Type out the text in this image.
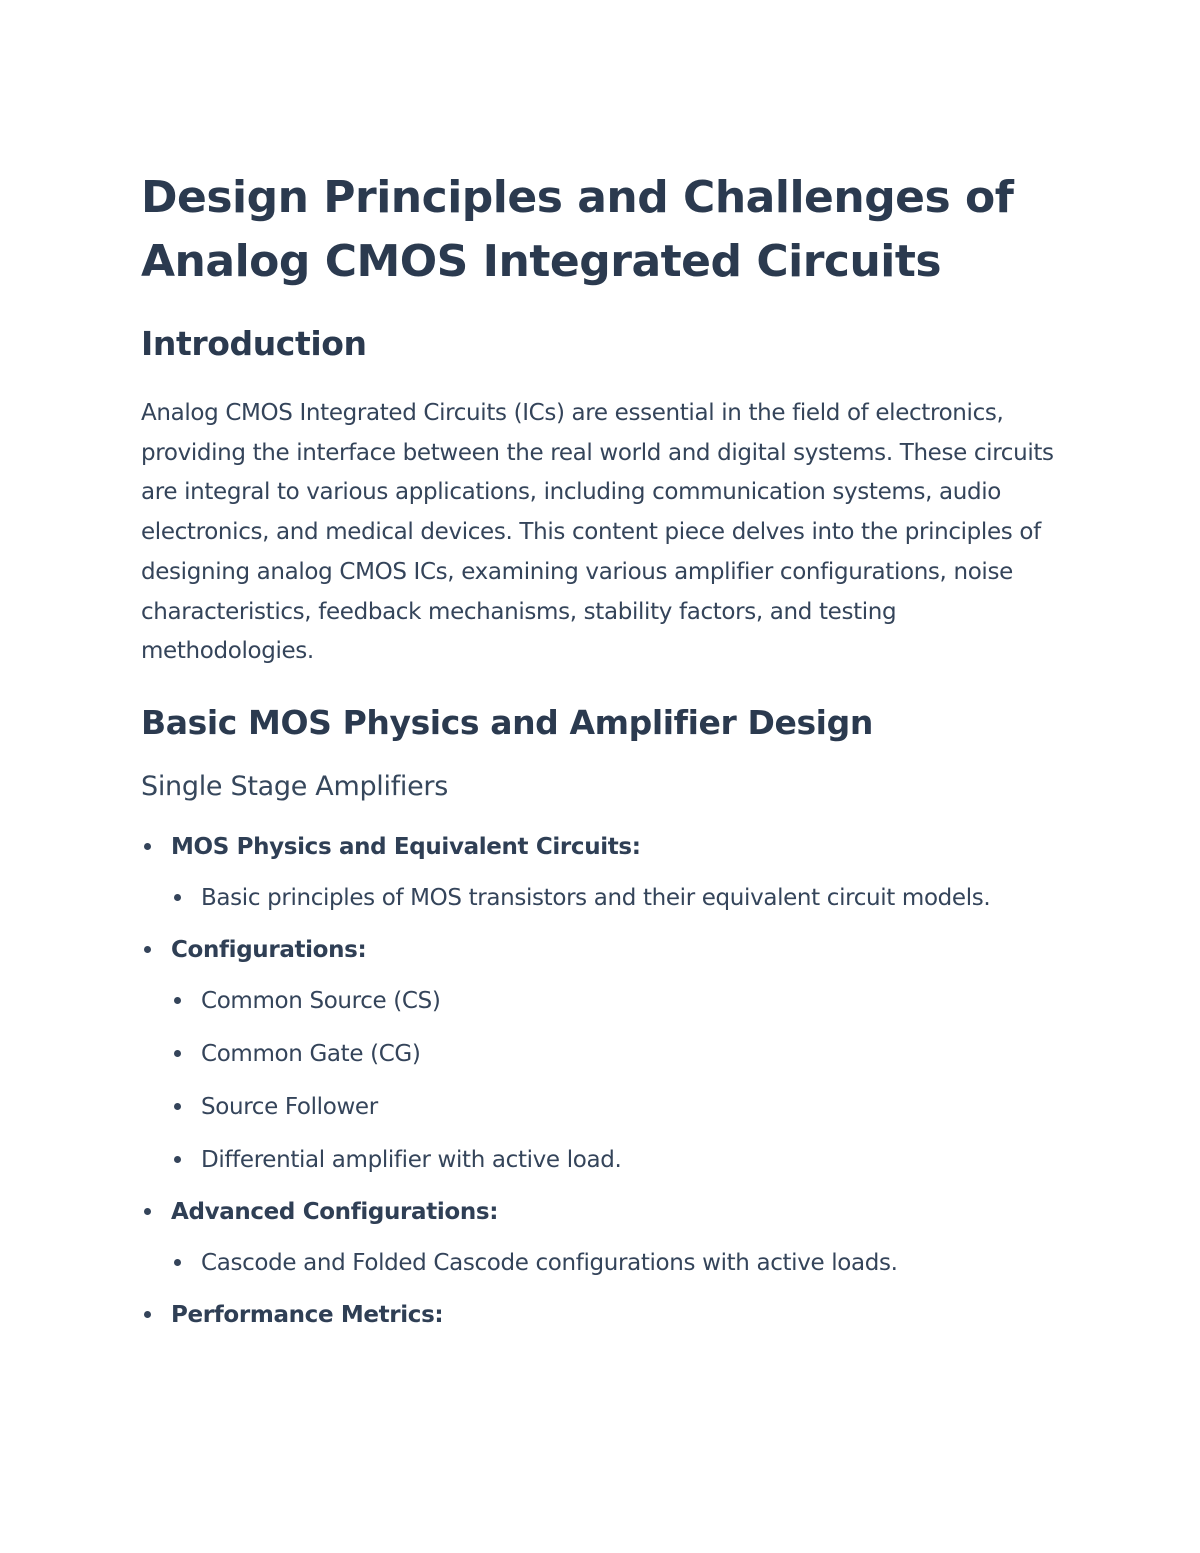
Design Principles and Challenges of Analog CMOS Integrated Circuits
Introduction

Analog CMOS Integrated Circuits (ICs) are essential in the field of electronics, providing the interface between the real world and digital systems. These circuits are integral to various applications, including communication systems, audio electronics, and medical devices. This content piece delves into the principles of designing analog CMOS ICs, examining various amplifier configurations, noise characteristics, feedback mechanisms, stability factors, and testing methodologies.

Basic MOS Physics and Amplifier Design
Single Stage Amplifiers
MOS Physics and Equivalent Circuits:
Basic principles of MOS transistors and their equivalent circuit models.
Configurations:
Common Source (CS)
Common Gate (CG)
Source Follower
Differential amplifier with active load.
Advanced Configurations:
Cascode and Folded Cascode configurations with active loads.
Performance Metrics:
